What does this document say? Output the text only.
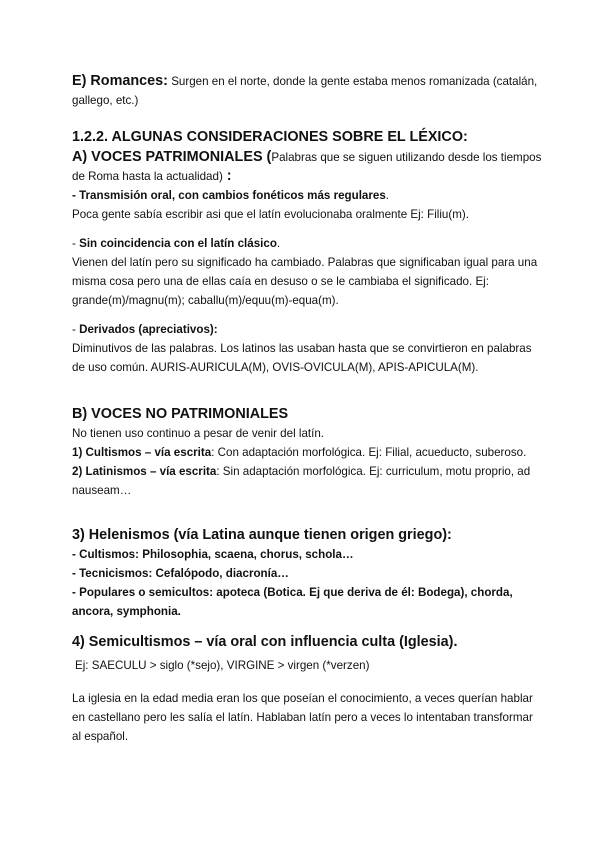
E) Romances: Surgen en el norte, donde la gente estaba menos romanizada (catalán, gallego, etc.)

1.2.2. ALGUNAS CONSIDERACIONES SOBRE EL LÉXICO:

A) VOCES PATRIMONIALES (Palabras que se siguen utilizando desde los tiempos de Roma hasta la actualidad) :

- Transmisión oral, con cambios fonéticos más regulares.

Poca gente sabía escribir asi que el latín evolucionaba oralmente Ej: Filiu(m).

- Sin coincidencia con el latín clásico.

Vienen del latín pero su significado ha cambiado. Palabras que significaban igual para una misma cosa pero una de ellas caía en desuso o se le cambiaba el significado. Ej: grande(m)/magnu(m); caballu(m)/equu(m)-equa(m).

- Derivados (apreciativos):

Diminutivos de las palabras. Los latinos las usaban hasta que se convirtieron en palabras de uso común. AURIS-AURICULA(M), OVIS-OVICULA(M), APIS-APICULA(M).

B) VOCES NO PATRIMONIALES

No tienen uso continuo a pesar de venir del latín.

1) Cultismos – vía escrita: Con adaptación morfológica. Ej: Filial, acueducto, suberoso.

2) Latinismos – vía escrita: Sin adaptación morfológica. Ej: curriculum, motu proprio, ad nauseam…

3) Helenismos (vía Latina aunque tienen origen griego):

- Cultismos: Philosophia, scaena, chorus, schola…

- Tecnicismos: Cefalópodo, diacronía…

- Populares o semicultos: apoteca (Botica. Ej que deriva de él: Bodega), chorda, ancora, symphonia.

4) Semicultismos – vía oral con influencia culta (Iglesia).

Ej: SAECULU > siglo (*sejo), VIRGINE > virgen (*verzen)

La iglesia en la edad media eran los que poseían el conocimiento, a veces querían hablar en castellano pero les salía el latín. Hablaban latín pero a veces lo intentaban transformar al español.
